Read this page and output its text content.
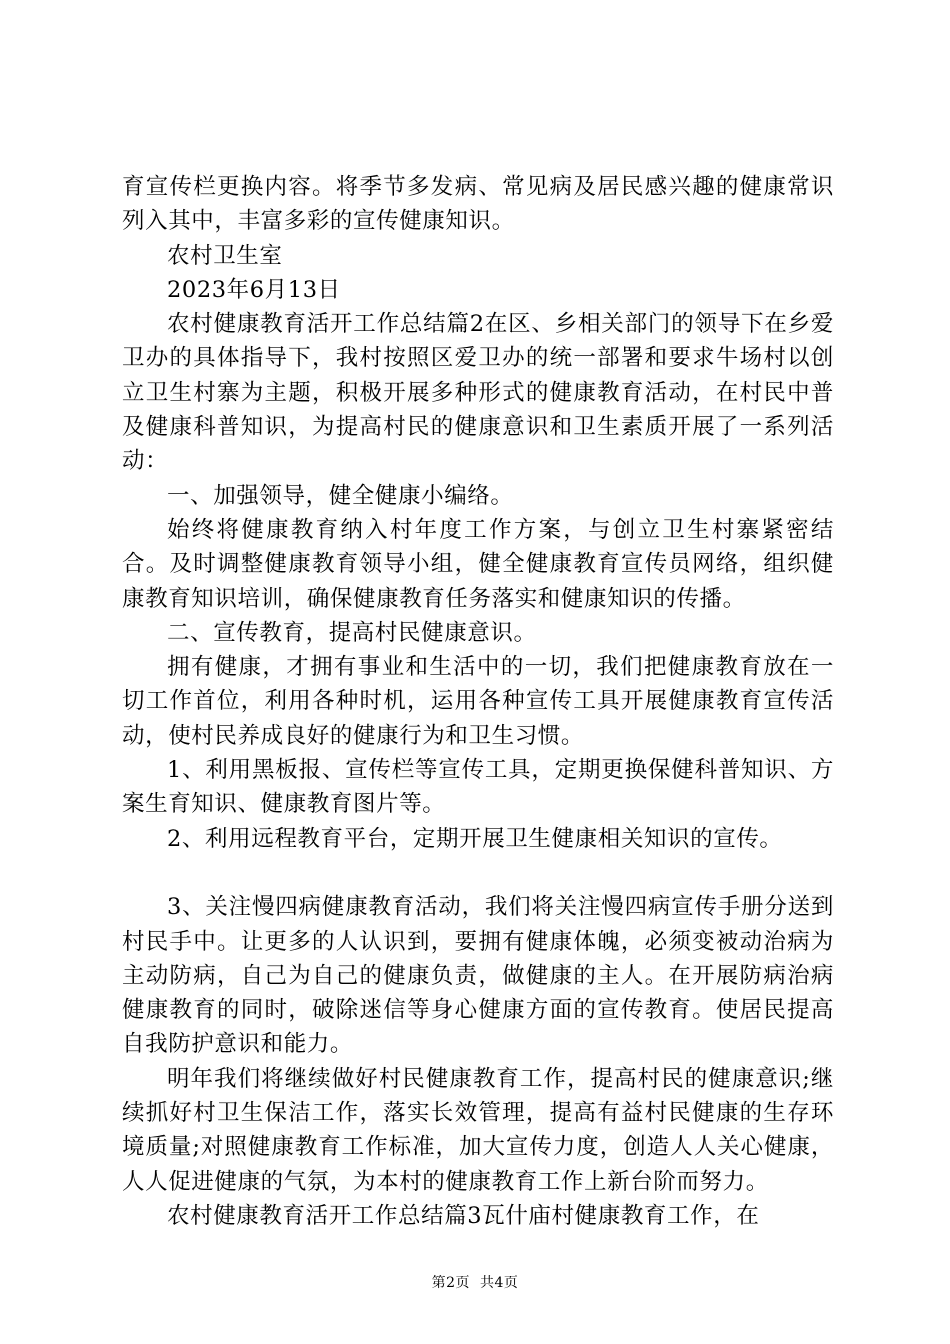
育宣传栏更换内容。将季节多发病、常见病及居民感兴趣的健康常识列入其中，丰富多彩的宣传健康知识。

农村卫生室

2023年6月13日

农村健康教育活开工作总结篇2在区、乡相关部门的领导下在乡爱卫办的具体指导下，我村按照区爱卫办的统一部署和要求牛场村以创立卫生村寨为主题，积极开展多种形式的健康教育活动，在村民中普及健康科普知识，为提高村民的健康意识和卫生素质开展了一系列活动：

一、加强领导，健全健康小编络。

始终将健康教育纳入村年度工作方案，与创立卫生村寨紧密结合。及时调整健康教育领导小组，健全健康教育宣传员网络，组织健康教育知识培训，确保健康教育任务落实和健康知识的传播。

二、宣传教育，提高村民健康意识。

拥有健康，才拥有事业和生活中的一切，我们把健康教育放在一切工作首位，利用各种时机，运用各种宣传工具开展健康教育宣传活动，使村民养成良好的健康行为和卫生习惯。

1、利用黑板报、宣传栏等宣传工具，定期更换保健科普知识、方案生育知识、健康教育图片等。

2、利用远程教育平台，定期开展卫生健康相关知识的宣传。

3、关注慢四病健康教育活动，我们将关注慢四病宣传手册分送到村民手中。让更多的人认识到，要拥有健康体魄，必须变被动治病为主动防病，自己为自己的健康负责，做健康的主人。在开展防病治病健康教育的同时，破除迷信等身心健康方面的宣传教育。使居民提高自我防护意识和能力。

明年我们将继续做好村民健康教育工作，提高村民的健康意识;继续抓好村卫生保洁工作，落实长效管理，提高有益村民健康的生存环境质量;对照健康教育工作标准，加大宣传力度，创造人人关心健康，人人促进健康的气氛，为本村的健康教育工作上新台阶而努力。

农村健康教育活开工作总结篇3瓦什庙村健康教育工作，在

第2页 共4页
